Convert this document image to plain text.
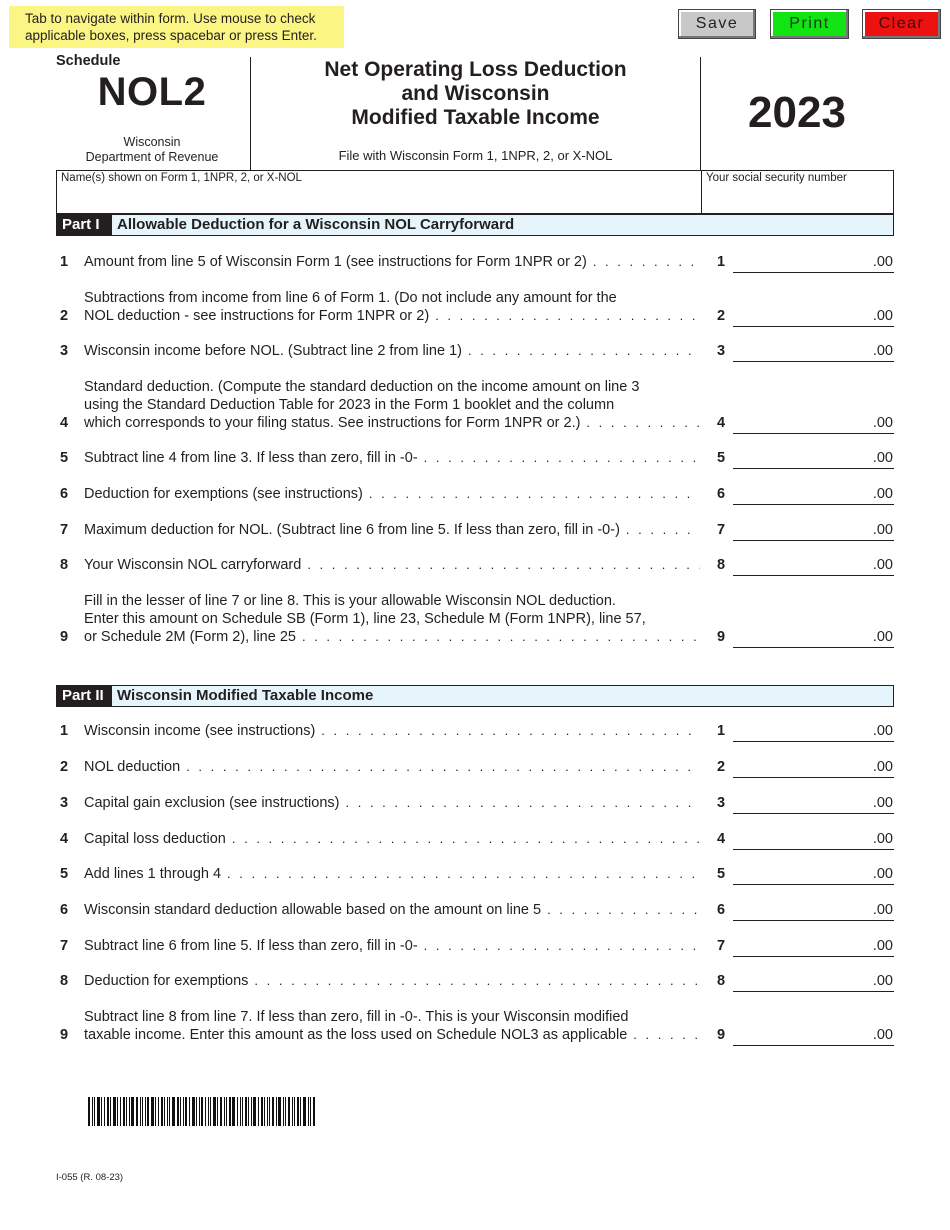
Tab to navigate within form. Use mouse to check applicable boxes, press spacebar or press Enter.
Save	Print	Clear
Schedule
NOL2
Wisconsin
Department of Revenue
Net Operating Loss Deduction
and Wisconsin
Modified Taxable Income
File with Wisconsin Form 1, 1NPR, 2, or X-NOL
2023
Name(s) shown on Form 1, 1NPR, 2, or X-NOL	Your social security number
Part I	Allowable Deduction for a Wisconsin NOL Carryforward
1 Amount from line 5 of Wisconsin Form 1 (see instructions for Form 1NPR or 2) . . .	1	.00
2
Subtractions from income from line 6 of Form 1. (Do not include any amount for the
NOL deduction - see instructions for Form 1NPR or 2) . . .	2	.00
3 Wisconsin income before NOL. (Subtract line 2 from line 1) . . .	3	.00
4
Standard deduction. (Compute the standard deduction on the income amount on line 3
using the Standard Deduction Table for 2023 in the Form 1 booklet and the column
which corresponds to your filing status. See instructions for Form 1NPR or 2.) . . .	4	.00
5 Subtract line 4 from line 3. If less than zero, fill in -0- . . .	5	.00
6 Deduction for exemptions (see instructions) . . .	6	.00
7 Maximum deduction for NOL. (Subtract line 6 from line 5. If less than zero, fill in -0-) . . .	7	.00
8 Your Wisconsin NOL carryforward . . .	8	.00
9
Fill in the lesser of line 7 or line 8. This is your allowable Wisconsin NOL deduction.
Enter this amount on Schedule SB (Form 1), line 23, Schedule M (Form 1NPR), line 57,
or Schedule 2M (Form 2), line 25 . . .	9	.00
Part II Wisconsin Modified Taxable Income
1 Wisconsin income (see instructions) . . .	1	.00
2 NOL deduction . . .	2	.00
3 Capital gain exclusion (see instructions) . . .	3	.00
4 Capital loss deduction . . .	4	.00
5 Add lines 1 through 4 . . .	5	.00
6 Wisconsin standard deduction allowable based on the amount on line 5 . . .	6	.00
7 Subtract line 6 from line 5. If less than zero, fill in -0- . . .	7	.00
8 Deduction for exemptions . . .	8	.00
9
Subtract line 8 from line 7. If less than zero, fill in -0-. This is your Wisconsin modified
taxable income. Enter this amount as the loss used on Schedule NOL3 as applicable . . .	9	.00
I-055 (R. 08-23)
